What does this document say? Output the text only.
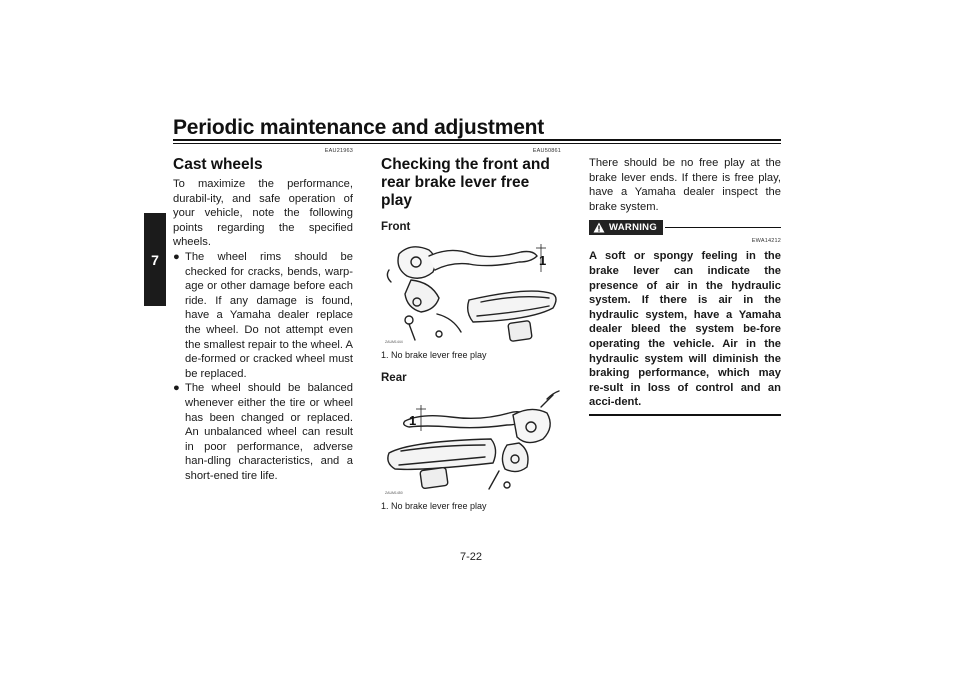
Periodic maintenance and adjustment
7
EAU21963
Cast wheels

To maximize the performance, durabil-ity, and safe operation of your vehicle, note the following points regarding the specified wheels.

● The wheel rims should be checked for cracks, bends, warp-age or other damage before each ride. If any damage is found, have a Yamaha dealer replace the wheel. Do not attempt even the smallest repair to the wheel. A de-formed or cracked wheel must be replaced.
● The wheel should be balanced whenever either the tire or wheel has been changed or replaced. An unbalanced wheel can result in poor performance, adverse han-dling characteristics, and a short-ened tire life.
EAU50861
Checking the front and rear brake lever free play
Front
1
ZAUM1444
1. No brake lever free play
Rear
1
ZAUM1450
1. No brake lever free play

There should be no free play at the brake lever ends. If there is free play, have a Yamaha dealer inspect the brake system.

WARNING
EWA14212
A soft or spongy feeling in the brake lever can indicate the presence of air in the hydraulic system. If there is air in the hydraulic system, have a Yamaha dealer bleed the system be-fore operating the vehicle. Air in the hydraulic system will diminish the braking performance, which may re-sult in loss of control and an acci-dent.
7-22
